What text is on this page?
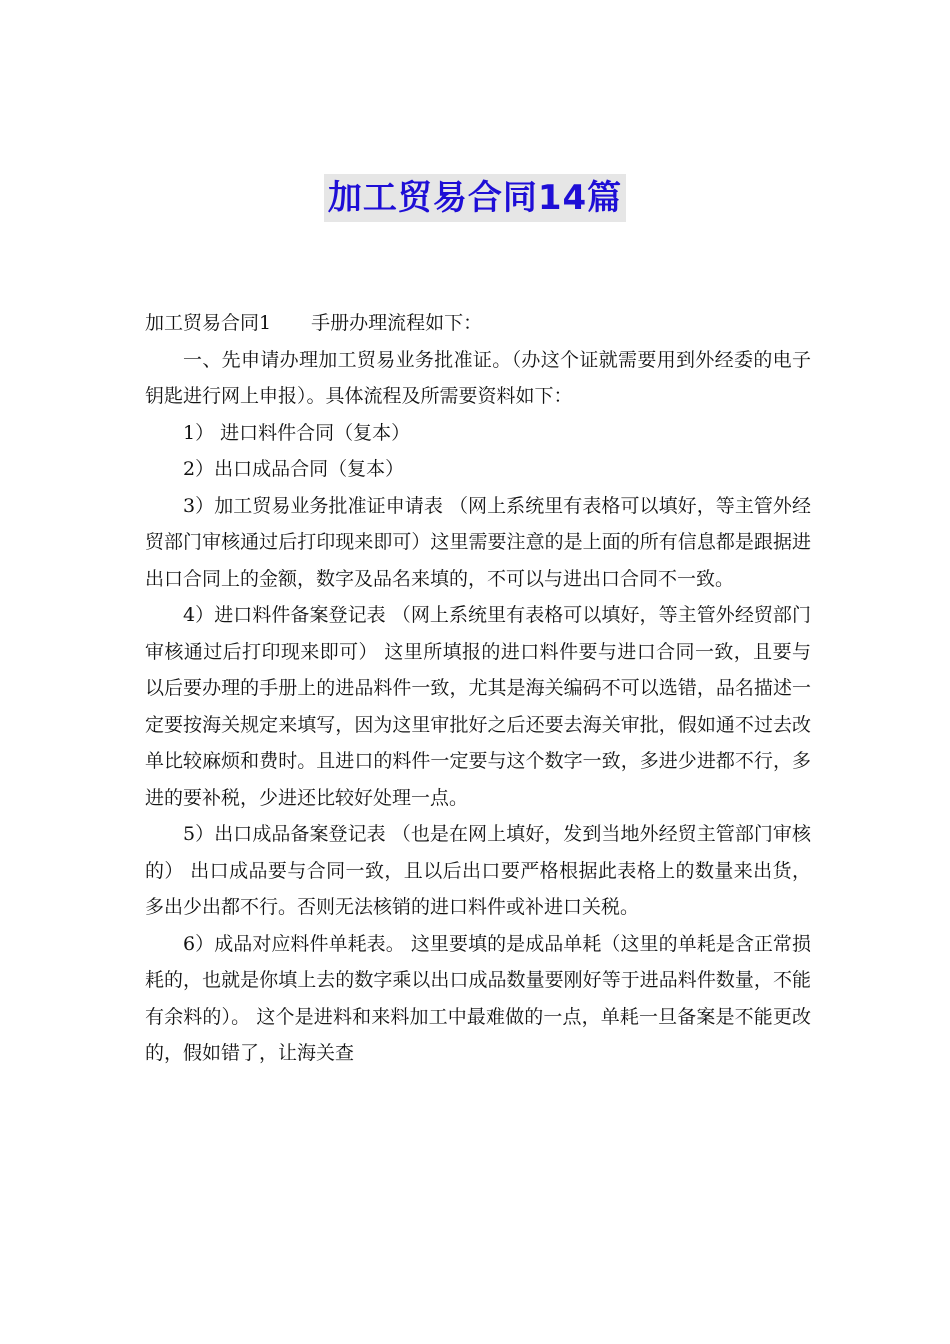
加工贸易合同14篇

加工贸易合同1 手册办理流程如下：

一、先申请办理加工贸易业务批准证。（办这个证就需要用到外经委的电子钥匙进行网上申报）。具体流程及所需要资料如下：

1） 进口料件合同（复本）

2）出口成品合同（复本）

3）加工贸易业务批准证申请表 （网上系统里有表格可以填好，等主管外经贸部门审核通过后打印现来即可）这里需要注意的是上面的所有信息都是跟据进出口合同上的金额，数字及品名来填的，不可以与进出口合同不一致。

4）进口料件备案登记表 （网上系统里有表格可以填好，等主管外经贸部门审核通过后打印现来即可） 这里所填报的进口料件要与进口合同一致，且要与以后要办理的手册上的进品料件一致，尤其是海关编码不可以选错，品名描述一定要按海关规定来填写，因为这里审批好之后还要去海关审批，假如通不过去改单比较麻烦和费时。且进口的料件一定要与这个数字一致，多进少进都不行，多进的要补税，少进还比较好处理一点。

5）出口成品备案登记表 （也是在网上填好，发到当地外经贸主管部门审核的） 出口成品要与合同一致，且以后出口要严格根据此表格上的数量来出货，多出少出都不行。否则无法核销的进口料件或补进口关税。

6）成品对应料件单耗表。 这里要填的是成品单耗（这里的单耗是含正常损耗的，也就是你填上去的数字乘以出口成品数量要刚好等于进品料件数量，不能有余料的）。 这个是进料和来料加工中最难做的一点，单耗一旦备案是不能更改的，假如错了，让海关查
